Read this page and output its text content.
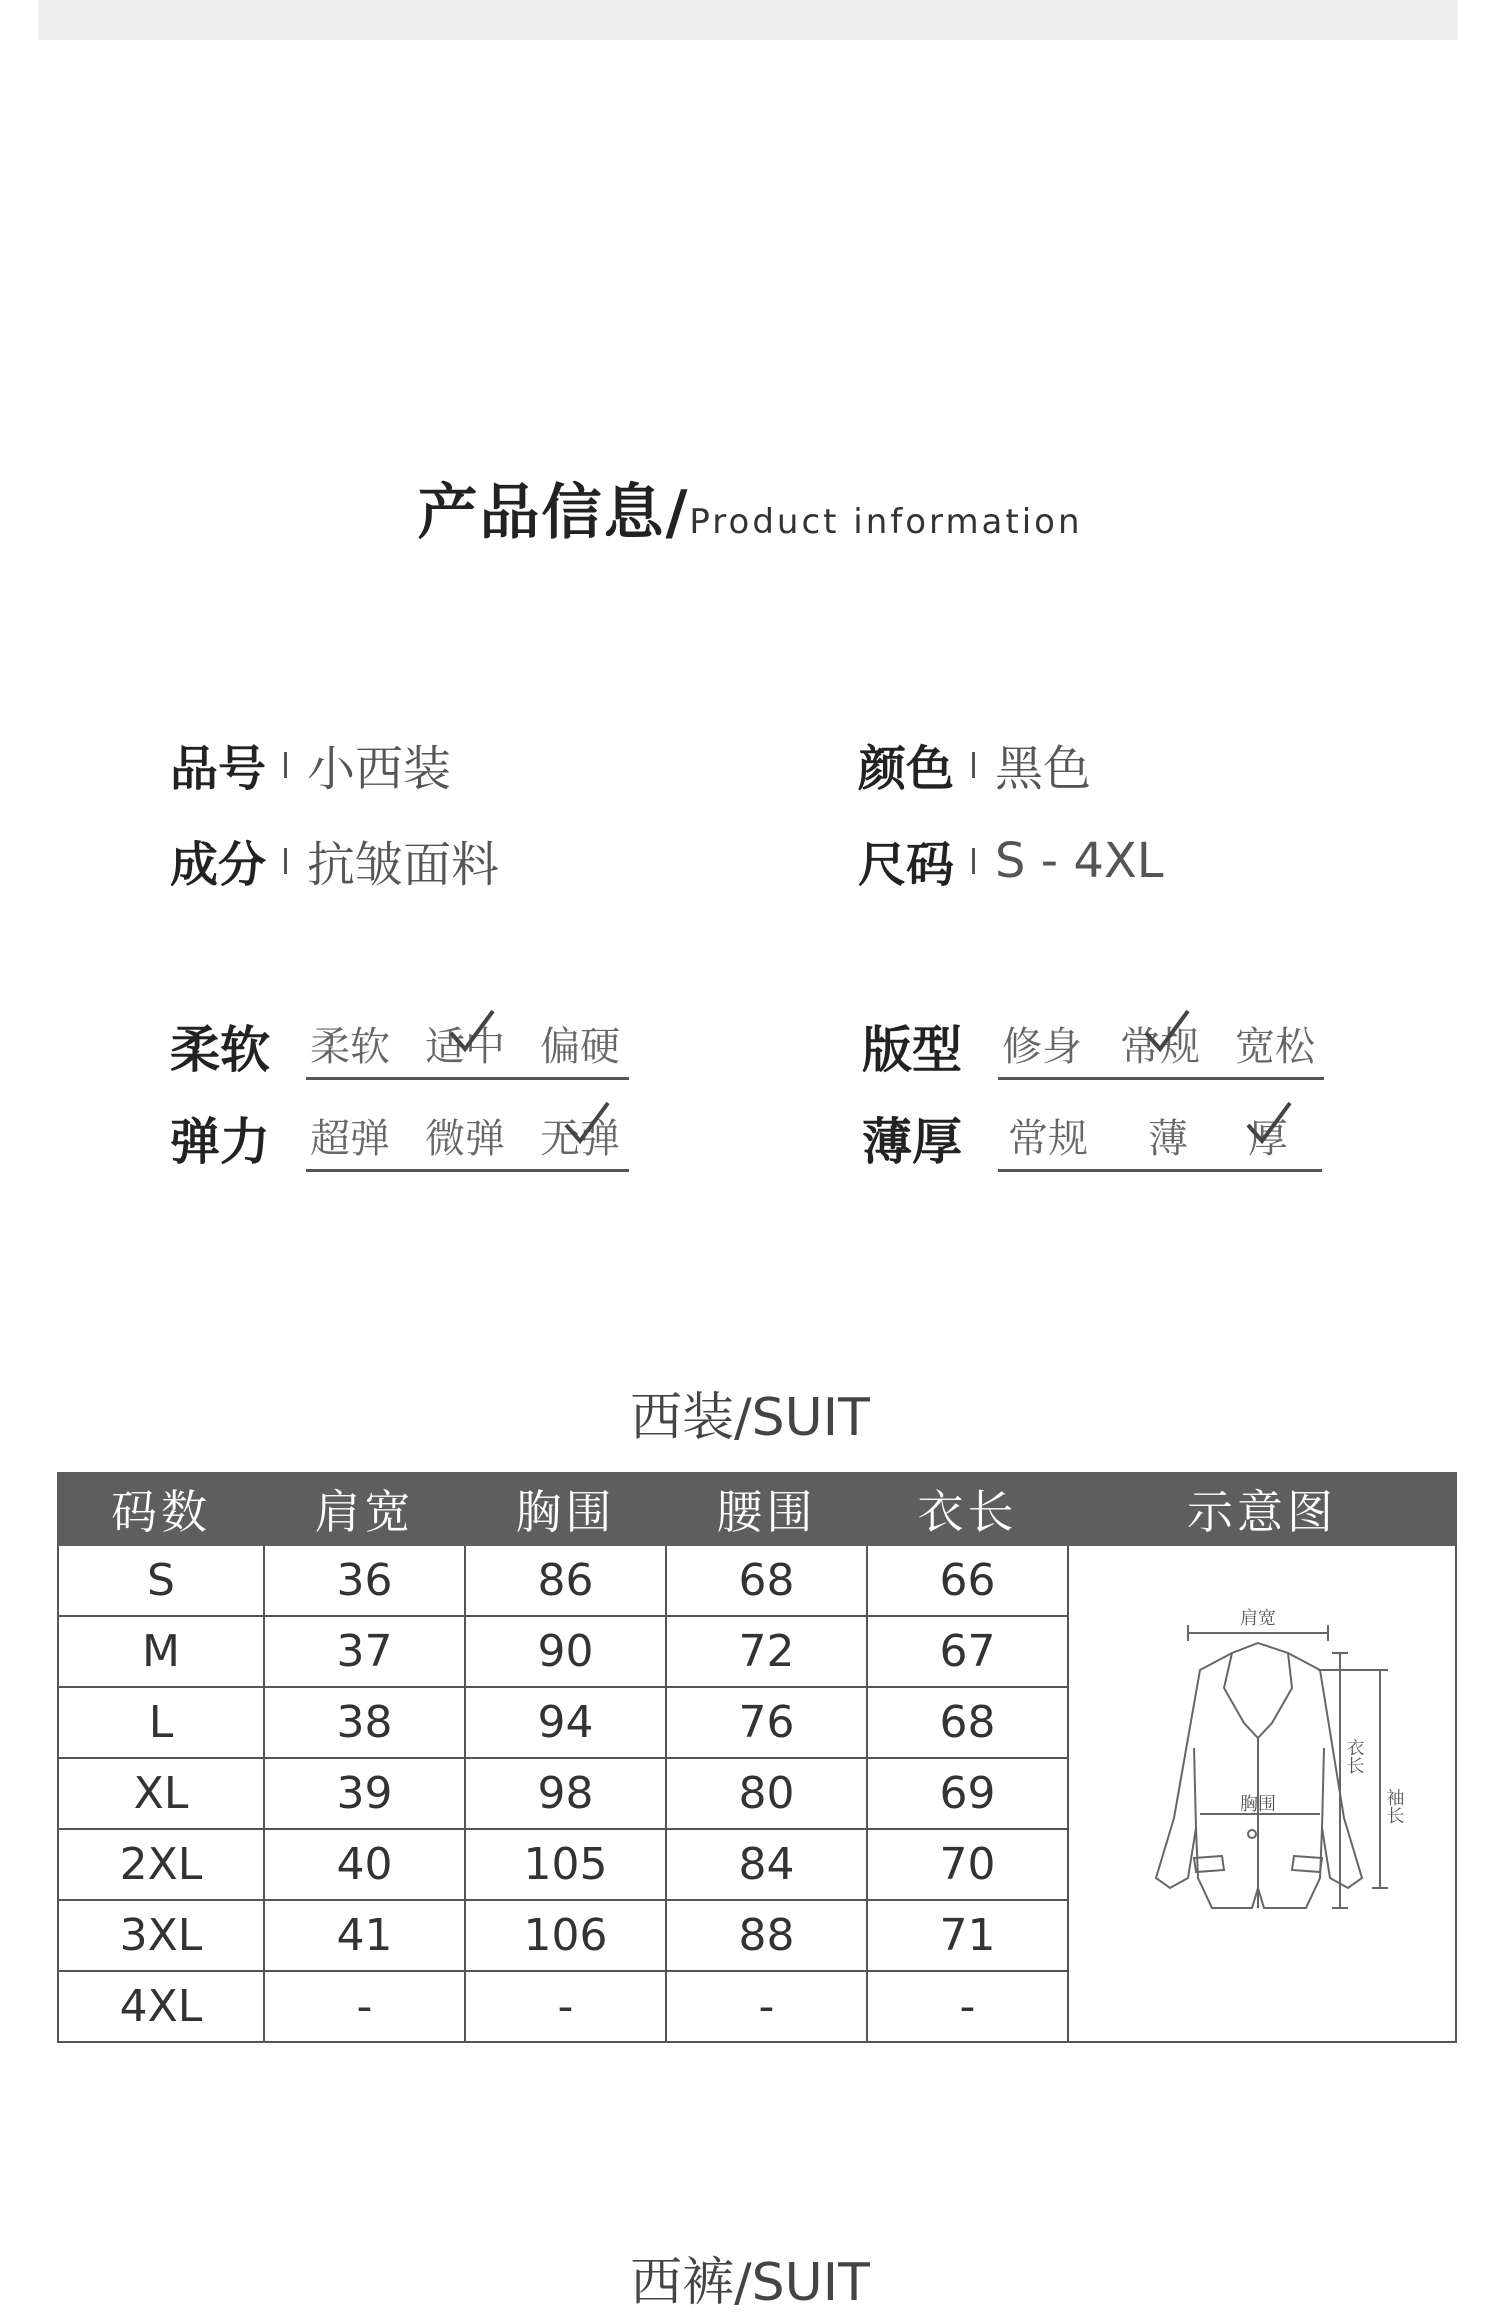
产品信息/Product information
品号 小西装	颜色 黑色
成分 抗皱面料	尺码 S - 4XL
柔软 柔软 适中 偏硬
弹力 超弹 微弹 无弹
版型 修身 常规 宽松
薄厚 常规	薄	厚
西装/SUIT
码数	肩宽	胸围	腰围	衣长	示意图
S	36	86	68	66	肩宽
胸围
衣长
袖长

M	37	90	72	67	
L	38	94	76	68	
XL	39	98	80	69	
2XL	40	105	84	70	
3XL	41	106	88	71	
4XL	-	-	-	-	
西裤/SUIT
